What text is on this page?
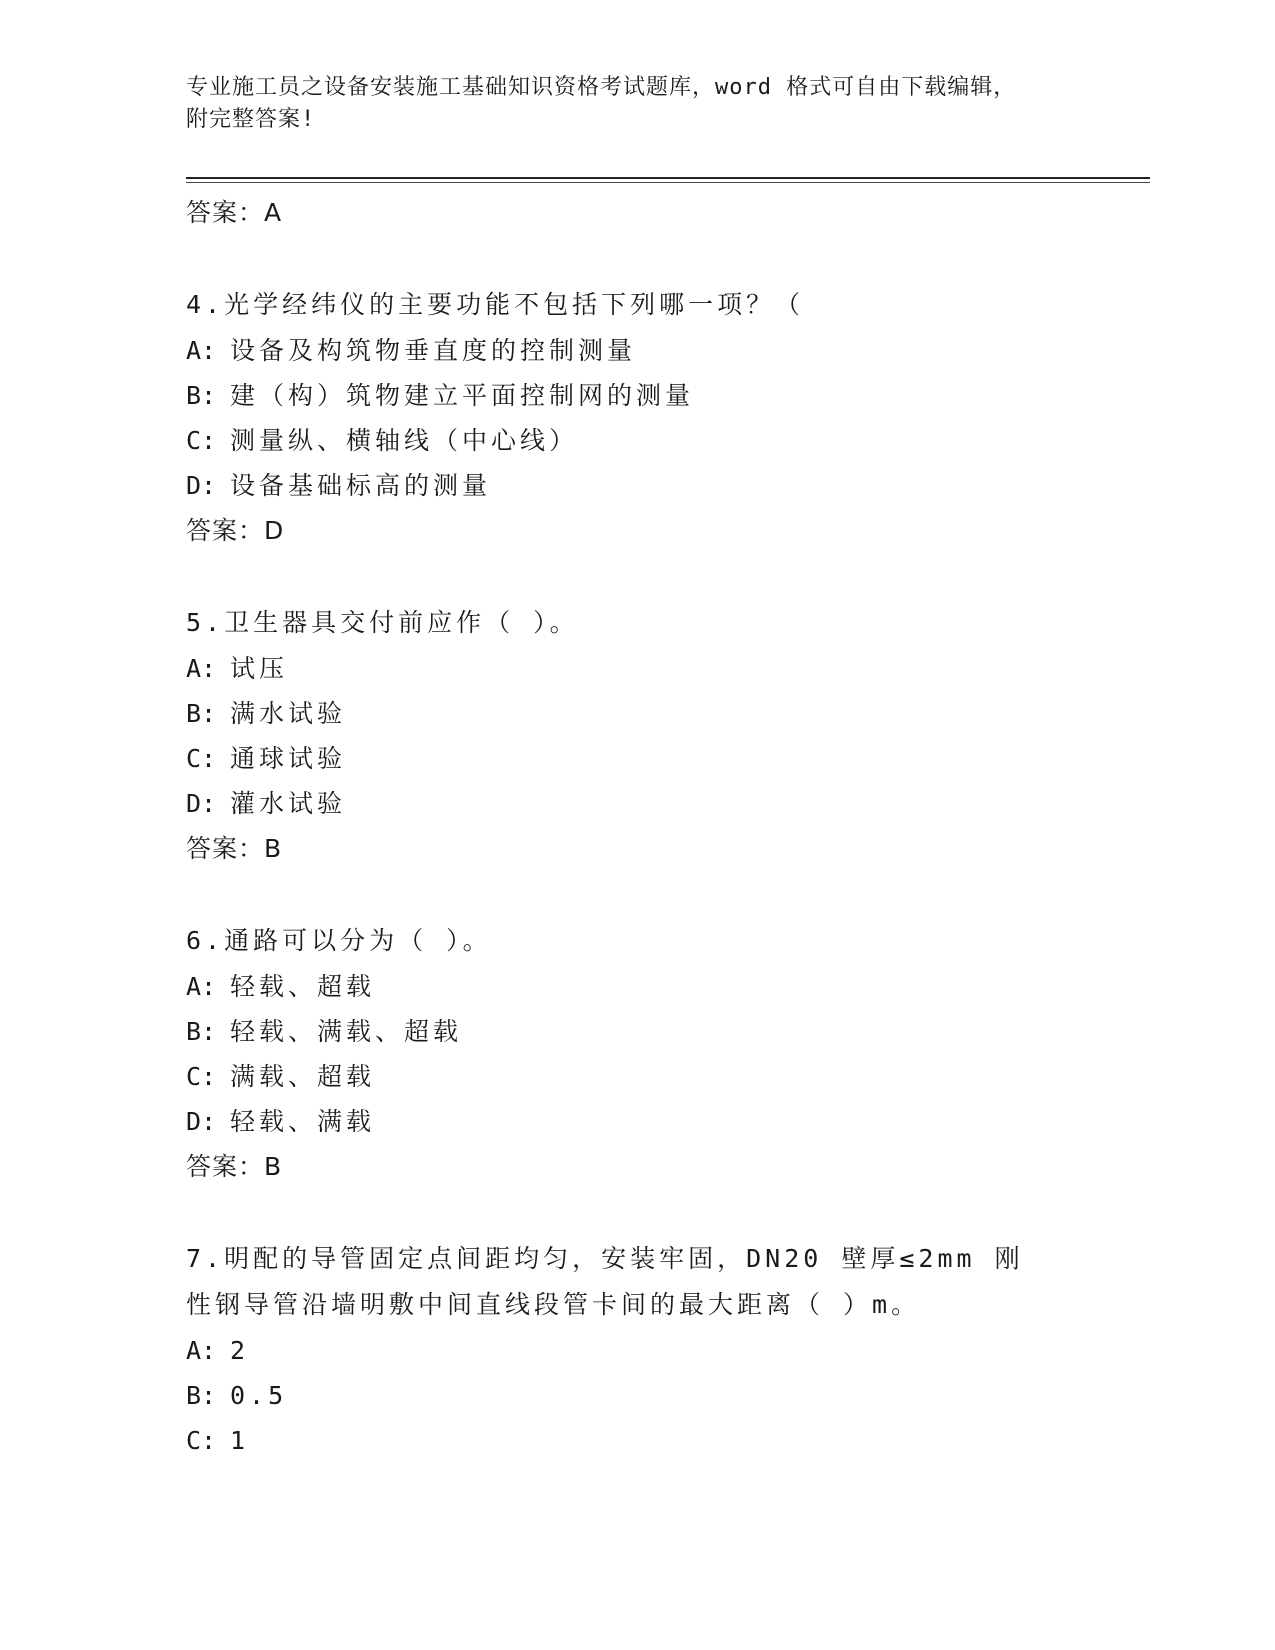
专业施工员之设备安装施工基础知识资格考试题库，word 格式可自由下载编辑，
附完整答案!
答案：A
4.光学经纬仪的主要功能不包括下列哪一项？（
A: 设备及构筑物垂直度的控制测量
B: 建（构）筑物建立平面控制网的测量
C: 测量纵、横轴线（中心线）
D: 设备基础标高的测量
答案：D
5.卫生器具交付前应作（ ）。
A: 试压
B: 满水试验
C: 通球试验
D: 灌水试验
答案：B
6.通路可以分为（ ）。
A: 轻载、超载
B: 轻载、满载、超载
C: 满载、超载
D: 轻载、满载
答案：B
7.明配的导管固定点间距均匀，安装牢固，DN20 壁厚≤2mm 刚性钢导管沿墙明敷中间直线段管卡间的最大距离（ ）m。
A: 2
B: 0.5
C: 1
